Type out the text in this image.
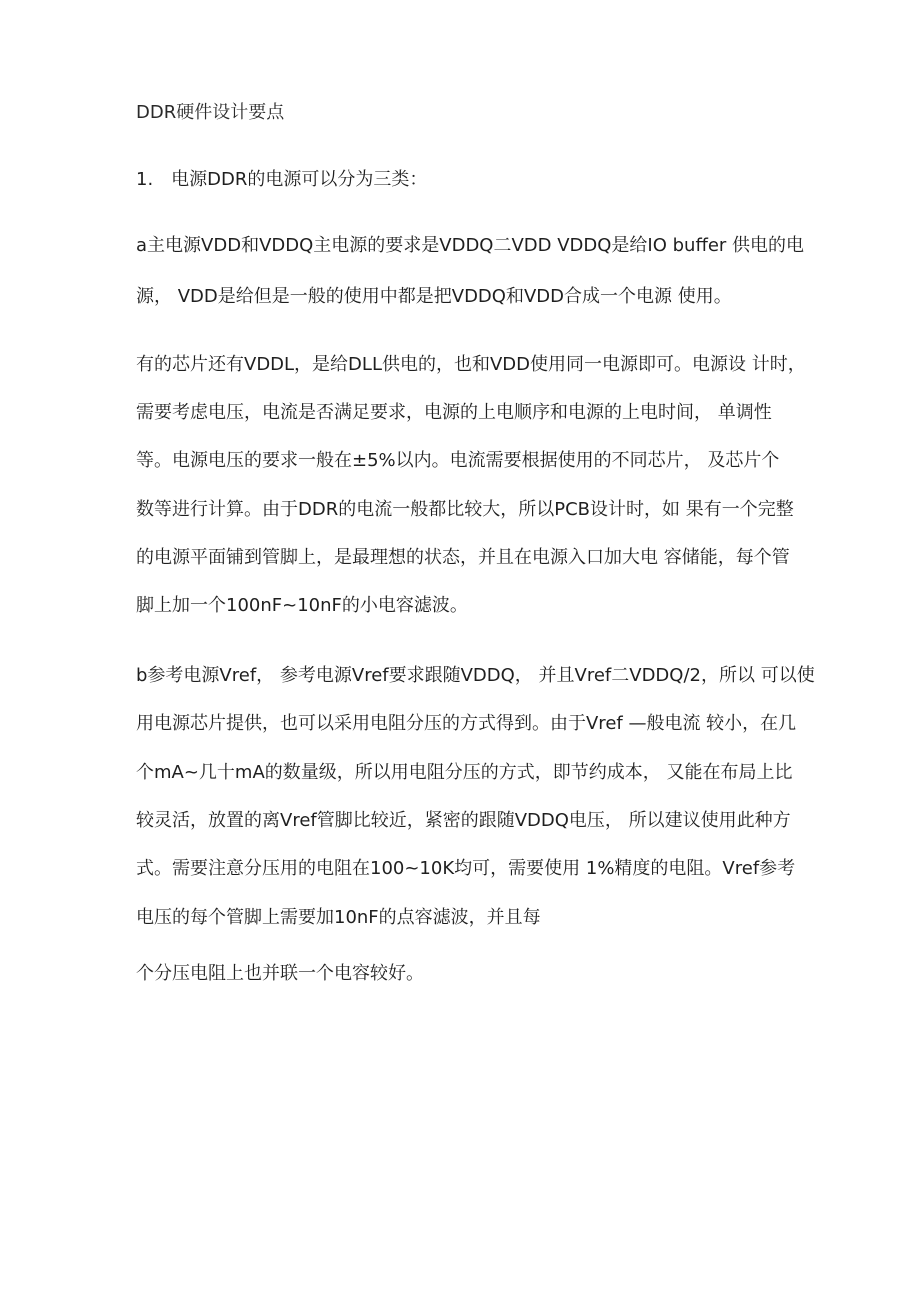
DDR硬件设计要点
1.　电源DDR的电源可以分为三类：
a主电源VDD和VDDQ主电源的要求是VDDQ二VDD VDDQ是给IO buffer 供电的电
源， VDD是给但是一般的使用中都是把VDDQ和VDD合成一个电源 使用。
有的芯片还有VDDL，是给DLL供电的，也和VDD使用同一电源即可。电源设 计时，
需要考虑电压，电流是否满足要求，电源的上电顺序和电源的上电时间， 单调性
等。电源电压的要求一般在±5%以内。电流需要根据使用的不同芯片， 及芯片个
数等进行计算。由于DDR的电流一般都比较大，所以PCB设计时，如 果有一个完整
的电源平面铺到管脚上，是最理想的状态，并且在电源入口加大电 容储能，每个管
脚上加一个100nF~10nF的小电容滤波。
b参考电源Vref， 参考电源Vref要求跟随VDDQ， 并且Vref二VDDQ/2，所以 可以使
用电源芯片提供，也可以采用电阻分压的方式得到。由于Vref —般电流 较小，在几
个mA~几十mA的数量级，所以用电阻分压的方式，即节约成本， 又能在布局上比
较灵活，放置的离Vref管脚比较近，紧密的跟随VDDQ电压， 所以建议使用此种方
式。需要注意分压用的电阻在100~10K均可，需要使用 1%精度的电阻。Vref参考
电压的每个管脚上需要加10nF的点容滤波，并且每
个分压电阻上也并联一个电容较好。
